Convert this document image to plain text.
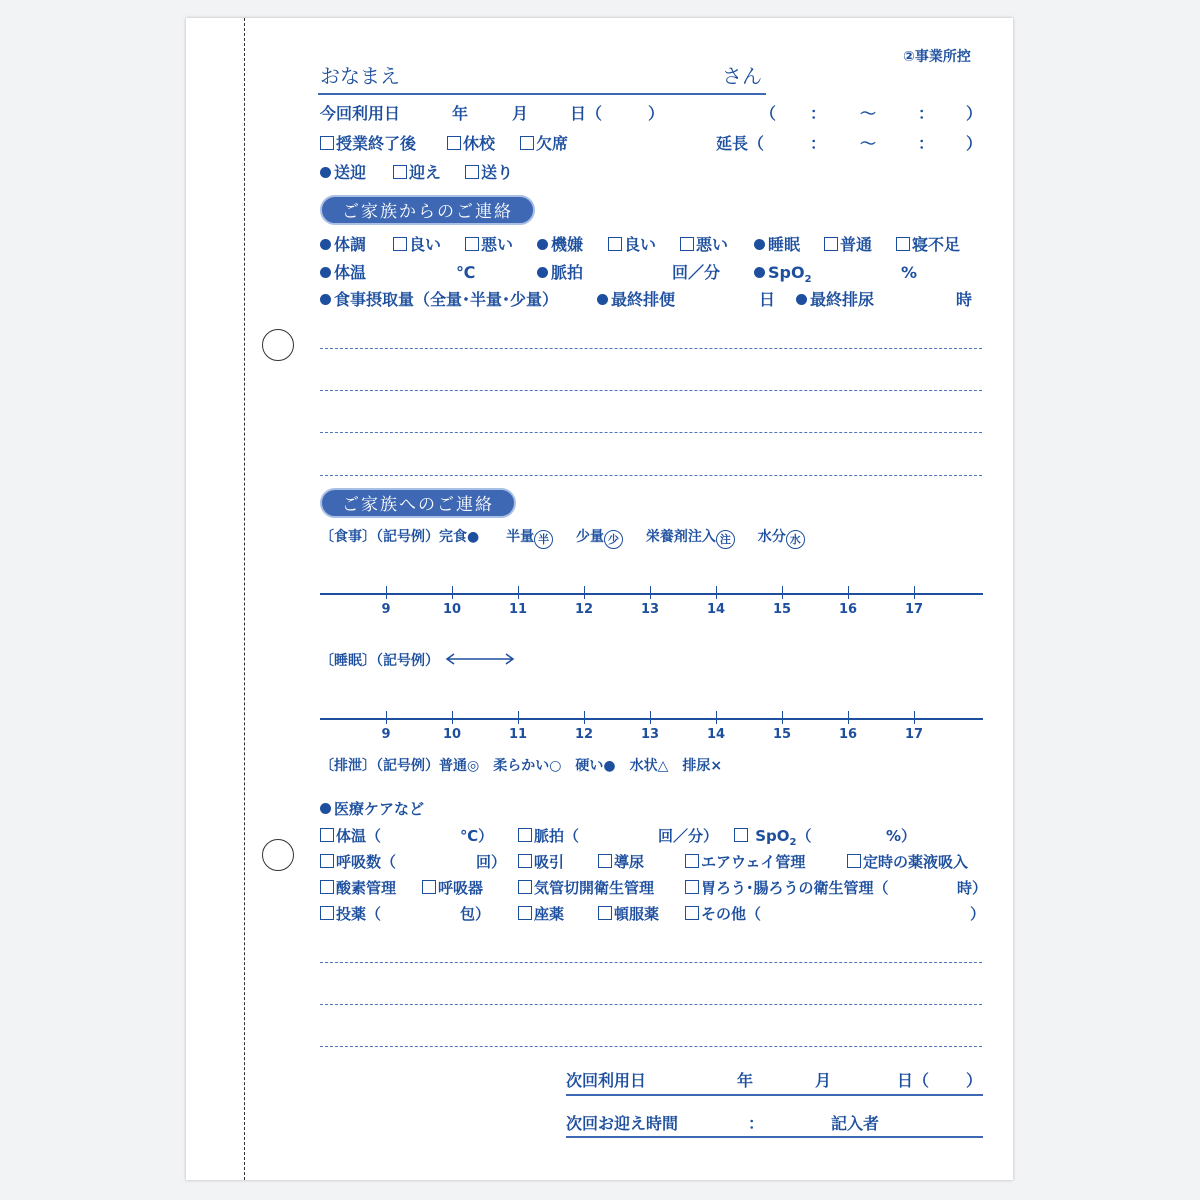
②事業所控
おなまえ	さん
今回利用日	年	月	日（	）	（ ： ～	： ）
授業終了後	休校	欠席	延長（	： ～	： ）
送迎	迎え	送り
ご家族からのご連絡
体調	良い	悪い	機嫌	良い	悪い	睡眠	普通	寝不足
体温	℃	脈拍	回／分	SpO$_2$	%
食事摂取量（全量･半量･少量）	最終排便	日	最終排尿	時
ご家族へのご連絡
〔食事〕（記号例）完食● 半量 半 少量 少 栄養剤注入 注 水分 水
9	10	11	12	13	14	15	16	17
〔睡眠〕（記号例）
9	10	11	12	13	14	15	16	17
〔排泄〕（記号例）普通◎　柔らかい○　硬い●　水状△　排尿×
医療ケアなど
体温（	℃）	脈拍（	回／分）	SpO$_2$（	%）
呼吸数（	回）	吸引	導尿	エアウェイ管理	定時の薬液吸入
酸素管理	呼吸器	気管切開衛生管理	胃ろう･腸ろうの衛生管理（	時）
投薬（	包）	座薬	頓服薬	その他（	）
次回利用日	年	月	日（ ）
次回お迎え時間	：	記入者
